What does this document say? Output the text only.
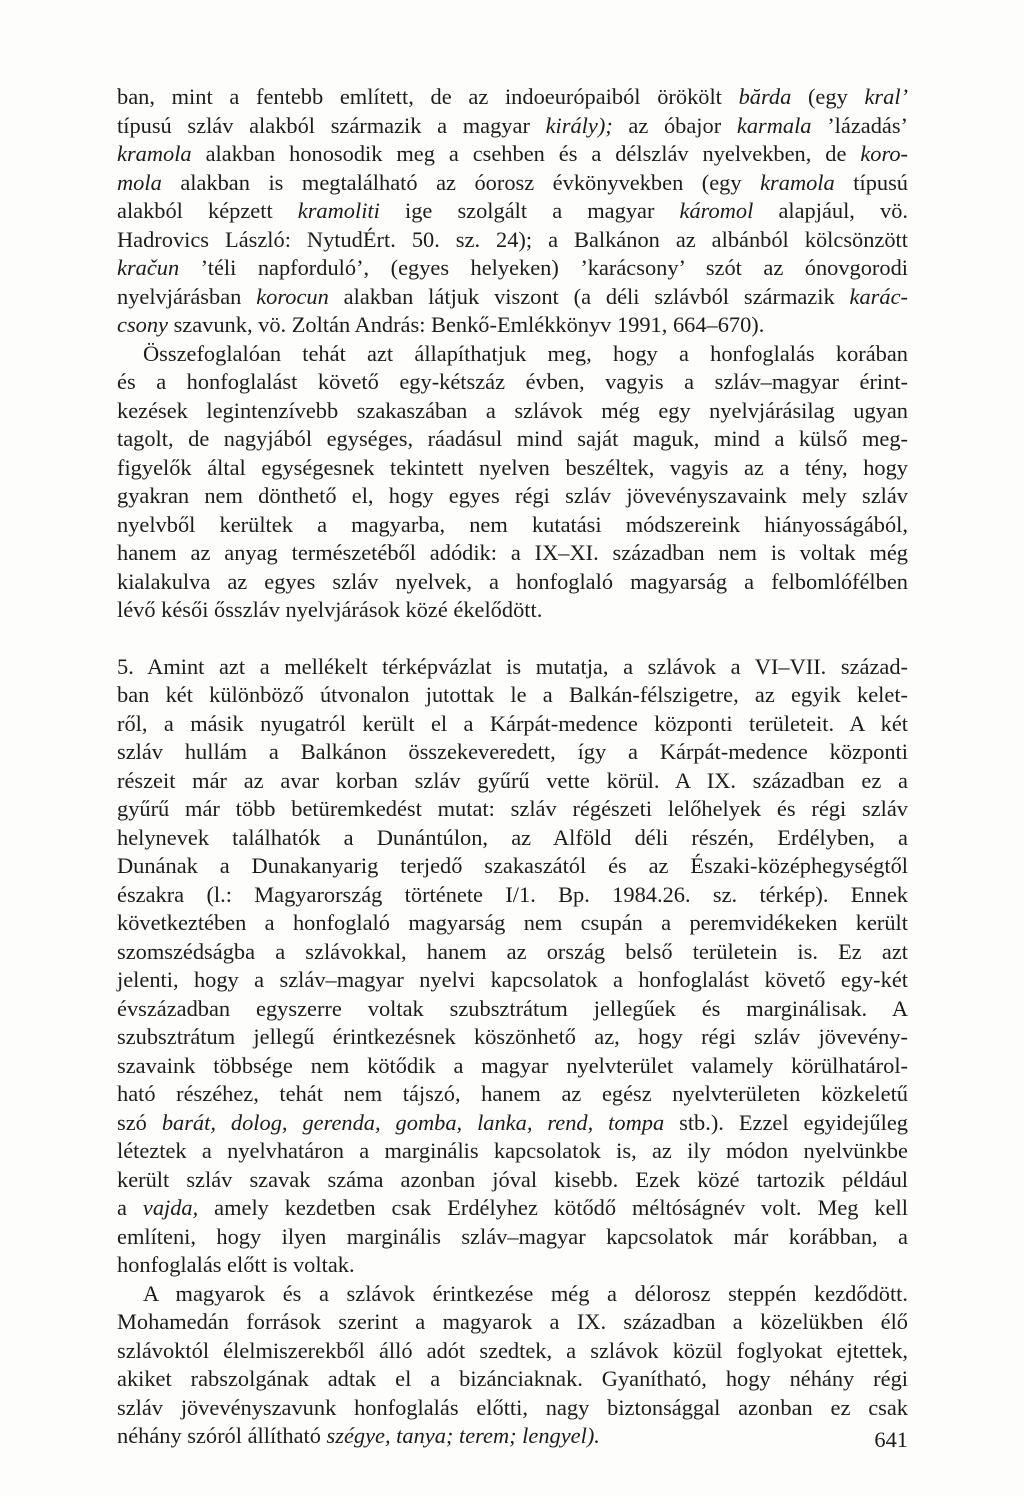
ban, mint a fentebb említett, de az indoeurópaiból örökölt bărda (egy kral’
típusú szláv alakból származik a magyar király); az óbajor karmala ’lázadás’
kramola alakban honosodik meg a csehben és a délszláv nyelvekben, de koro-
mola alakban is megtalálható az óorosz évkönyvekben (egy kramola típusú
alakból képzett kramoliti ige szolgált a magyar káromol alapjául, vö.
Hadrovics László: NytudÉrt. 50. sz. 24); a Balkánon az albánból kölcsönzött
kračun ’téli napforduló’, (egyes helyeken) ’karácsony’ szót az ónovgorodi
nyelvjárásban korocun alakban látjuk viszont (a déli szlávból származik karác-
csony szavunk, vö. Zoltán András: Benkő-Emlékkönyv 1991, 664–670).
Összefoglalóan tehát azt állapíthatjuk meg, hogy a honfoglalás korában
és a honfoglalást követő egy-kétszáz évben, vagyis a szláv–magyar érint-
kezések legintenzívebb szakaszában a szlávok még egy nyelvjárásilag ugyan
tagolt, de nagyjából egységes, ráadásul mind saját maguk, mind a külső meg-
figyelők által egységesnek tekintett nyelven beszéltek, vagyis az a tény, hogy
gyakran nem dönthető el, hogy egyes régi szláv jövevényszavaink mely szláv
nyelvből kerültek a magyarba, nem kutatási módszereink hiányosságából,
hanem az anyag természetéből adódik: a IX–XI. században nem is voltak még
kialakulva az egyes szláv nyelvek, a honfoglaló magyarság a felbomlófélben
lévő késői ősszláv nyelvjárások közé ékelődött.
5. Amint azt a mellékelt térképvázlat is mutatja, a szlávok a VI–VII. század-
ban két különböző útvonalon jutottak le a Balkán-félszigetre, az egyik kelet-
ről, a másik nyugatról került el a Kárpát-medence központi területeit. A két
szláv hullám a Balkánon összekeveredett, így a Kárpát-medence központi
részeit már az avar korban szláv gyűrű vette körül. A IX. században ez a
gyűrű már több betüremkedést mutat: szláv régészeti lelőhelyek és régi szláv
helynevek találhatók a Dunántúlon, az Alföld déli részén, Erdélyben, a
Dunának a Dunakanyarig terjedő szakaszától és az Északi-középhegységtől
északra (l.: Magyarország története I/1. Bp. 1984.26. sz. térkép). Ennek
következtében a honfoglaló magyarság nem csupán a peremvidékeken került
szomszédságba a szlávokkal, hanem az ország belső területein is. Ez azt
jelenti, hogy a szláv–magyar nyelvi kapcsolatok a honfoglalást követő egy-két
évszázadban egyszerre voltak szubsztrátum jellegűek és marginálisak. A
szubsztrátum jellegű érintkezésnek köszönhető az, hogy régi szláv jövevény-
szavaink többsége nem kötődik a magyar nyelvterület valamely körülhatárol-
ható részéhez, tehát nem tájszó, hanem az egész nyelvterületen közkeletű
szó barát, dolog, gerenda, gomba, lanka, rend, tompa stb.). Ezzel egyidejűleg
léteztek a nyelvhatáron a marginális kapcsolatok is, az ily módon nyelvünkbe
került szláv szavak száma azonban jóval kisebb. Ezek közé tartozik például
a vajda, amely kezdetben csak Erdélyhez kötődő méltóságnév volt. Meg kell
említeni, hogy ilyen marginális szláv–magyar kapcsolatok már korábban, a
honfoglalás előtt is voltak.
A magyarok és a szlávok érintkezése még a délorosz steppén kezdődött.
Mohamedán források szerint a magyarok a IX. században a közelükben élő
szlávoktól élelmiszerekből álló adót szedtek, a szlávok közül foglyokat ejtettek,
akiket rabszolgának adtak el a bizánciaknak. Gyanítható, hogy néhány régi
szláv jövevényszavunk honfoglalás előtti, nagy biztonsággal azonban ez csak
néhány szóról állítható szégye, tanya; terem; lengyel).	641
